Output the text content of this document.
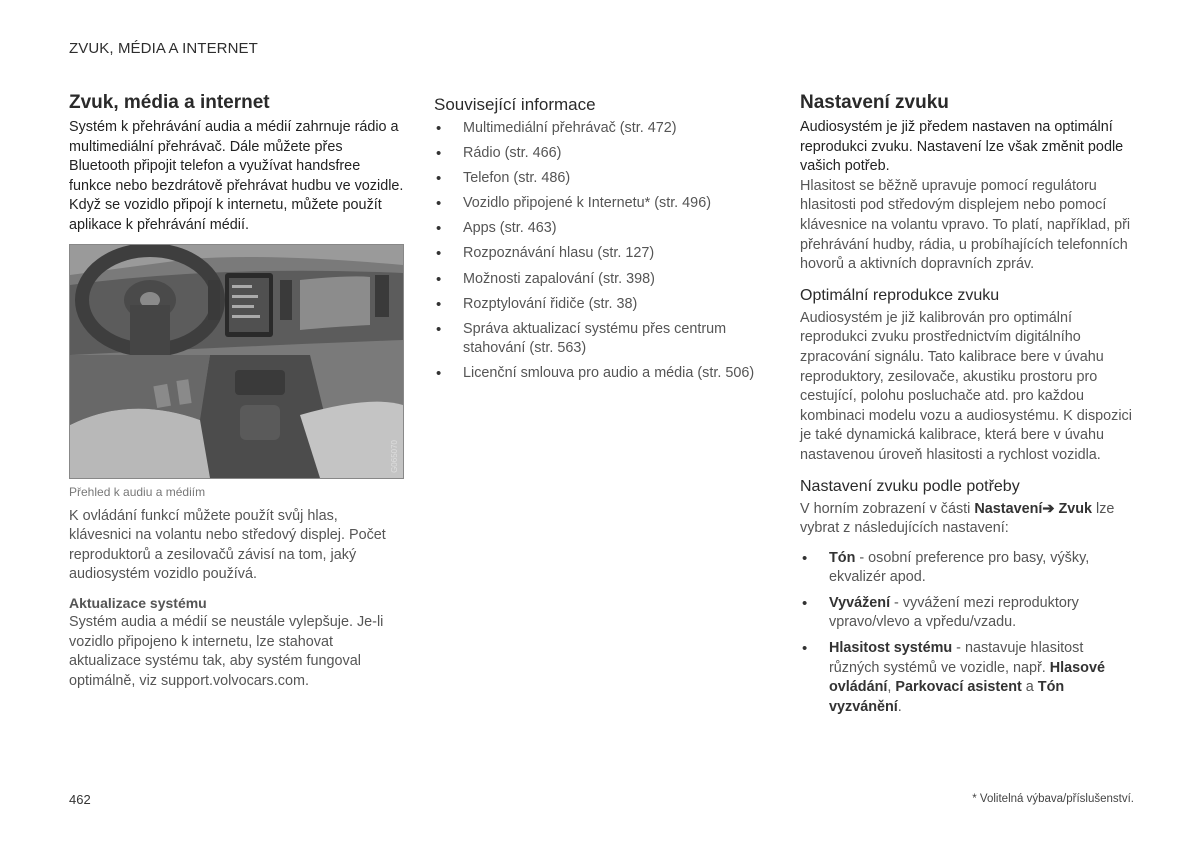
ZVUK, MÉDIA A INTERNET
Zvuk, média a internet

Systém k přehrávání audia a médií zahrnuje rádio a multimediální přehrávač. Dále můžete přes Bluetooth připojit telefon a využívat handsfree funkce nebo bezdrátově přehrávat hudbu ve vozidle. Když se vozidlo připojí k internetu, můžete použít aplikace k přehrávání médií.

G065070
Přehled k audiu a médiím

K ovládání funkcí můžete použít svůj hlas, klávesnici na volantu nebo středový displej. Počet reproduktorů a zesilovačů závisí na tom, jaký audiosystém vozidlo používá.

Aktualizace systému

Systém audia a médií se neustále vylepšuje. Je-li vozidlo připojeno k internetu, lze stahovat aktualizace systému tak, aby systém fungoval optimálně, viz support.volvocars.com.

Související informace
• Multimediální přehrávač (str. 472)
• Rádio (str. 466)
• Telefon (str. 486)
• Vozidlo připojené k Internetu* (str. 496)
• Apps (str. 463)
• Rozpoznávání hlasu (str. 127)
• Možnosti zapalování (str. 398)
• Rozptylování řidiče (str. 38)
• Správa aktualizací systému přes centrum stahování (str. 563)
• Licenční smlouva pro audio a média (str. 506)
Nastavení zvuku

Audiosystém je již předem nastaven na optimální reprodukci zvuku. Nastavení lze však změnit podle vašich potřeb.

Hlasitost se běžně upravuje pomocí regulátoru hlasitosti pod středovým displejem nebo pomocí klávesnice na volantu vpravo. To platí, například, při přehrávání hudby, rádia, u probíhajících telefonních hovorů a aktivních dopravních zpráv.

Optimální reprodukce zvuku

Audiosystém je již kalibrován pro optimální reprodukci zvuku prostřednictvím digitálního zpracování signálu. Tato kalibrace bere v úvahu reproduktory, zesilovače, akustiku prostoru pro cestující, polohu posluchače atd. pro každou kombinaci modelu vozu a audiosystému. K dispozici je také dynamická kalibrace, která bere v úvahu nastavenou úroveň hlasitosti a rychlost vozidla.

Nastavení zvuku podle potřeby

V horním zobrazení v části Nastavení➔ Zvuk lze vybrat z následujících nastavení:

• Tón - osobní preference pro basy, výšky, ekvalizér apod.
• Vyvážení - vyvážení mezi reproduktory vpravo/vlevo a vpředu/vzadu.
• Hlasitost systému - nastavuje hlasitost různých systémů ve vozidle, např. Hlasové ovládání, Parkovací asistent a Tón vyzvánění.
462	* Volitelná výbava/příslušenství.
